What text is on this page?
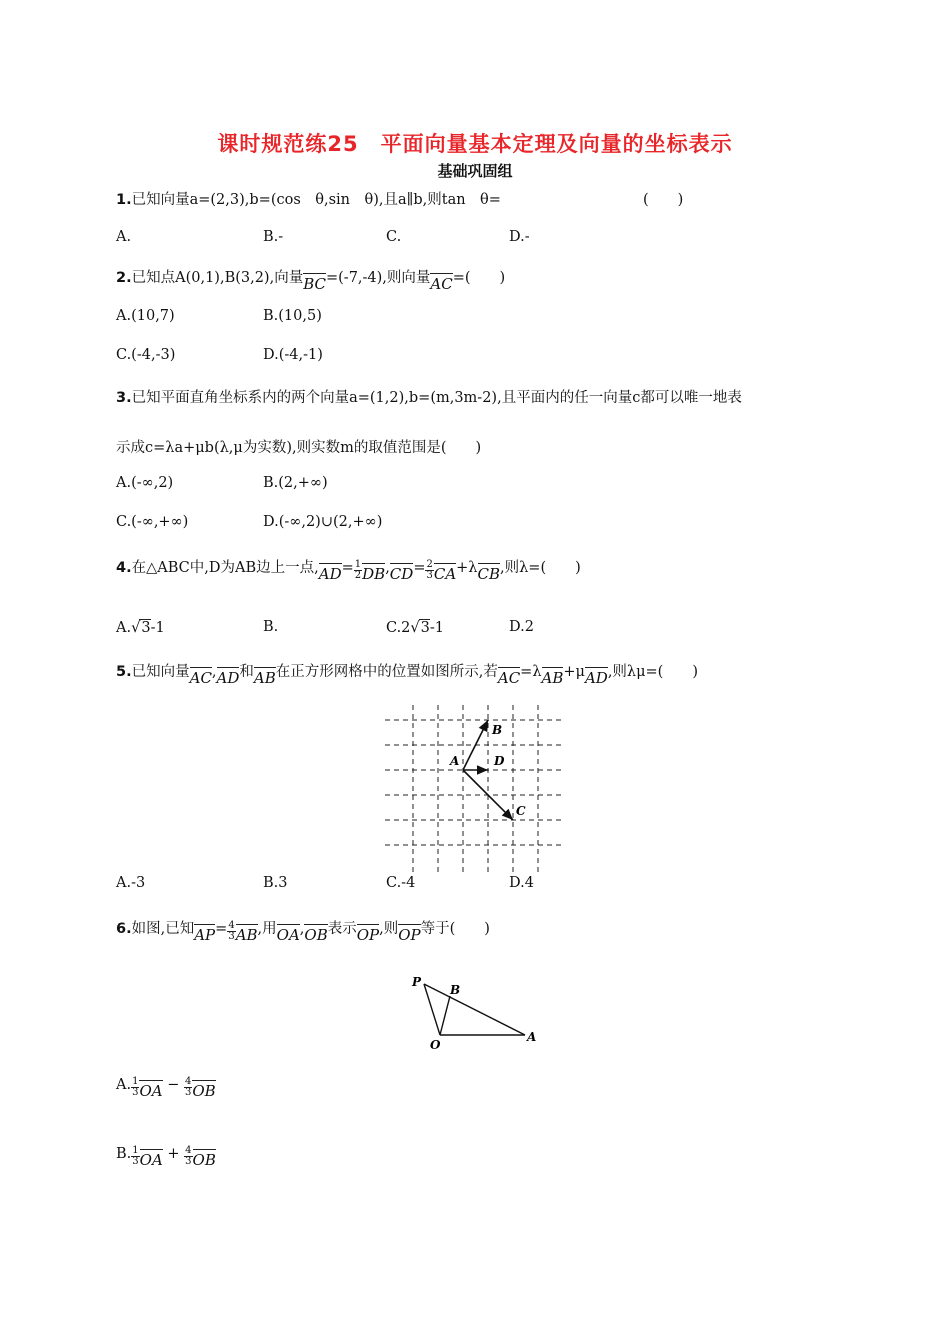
课时规范练25　平面向量基本定理及向量的坐标表示
基础巩固组
1.已知向量a=(2,3),b=(cos　θ,sin　θ),且a∥b,则tan　θ=	(　　)
A.	B.-	C.	D.-
2.已知点A(0,1),B(3,2),向量BC=(-7,-4),则向量AC=(　　)
A.(10,7)	B.(10,5)
C.(-4,-3)	D.(-4,-1)
3.已知平面直角坐标系内的两个向量a=(1,2),b=(m,3m-2),且平面内的任一向量c都可以唯一地表
示成c=λa+μb(λ,μ为实数),则实数m的取值范围是(　　)
A.(-∞,2)	B.(2,+∞)
C.(-∞,+∞)	D.(-∞,2)∪(2,+∞)
4.在△ABC中,D为AB边上一点$,AD= \frac{1}{2} DB,CD= \frac{2}{3} CA+\lambda CB$,则λ=(　　)
A.√3-1	B.	C.2√3-1	D.2
5.已知向量AC,AD和AB在正方形网格中的位置如图所示,若AC=λAB+μAD,则λμ=(　　)
A
B
C
D
A.-3	B.3	C.-4	D.4
6.如图,已知$AP= \frac{4}{3}$ AB,用OA,OB表示OP,则OP等于(　　)
P
B
O
A
A. $\frac{1}{3}$ OA − $\frac{4}{3}$ OB
B. $\frac{1}{3}$ OA + $\frac{4}{3}$ OB
